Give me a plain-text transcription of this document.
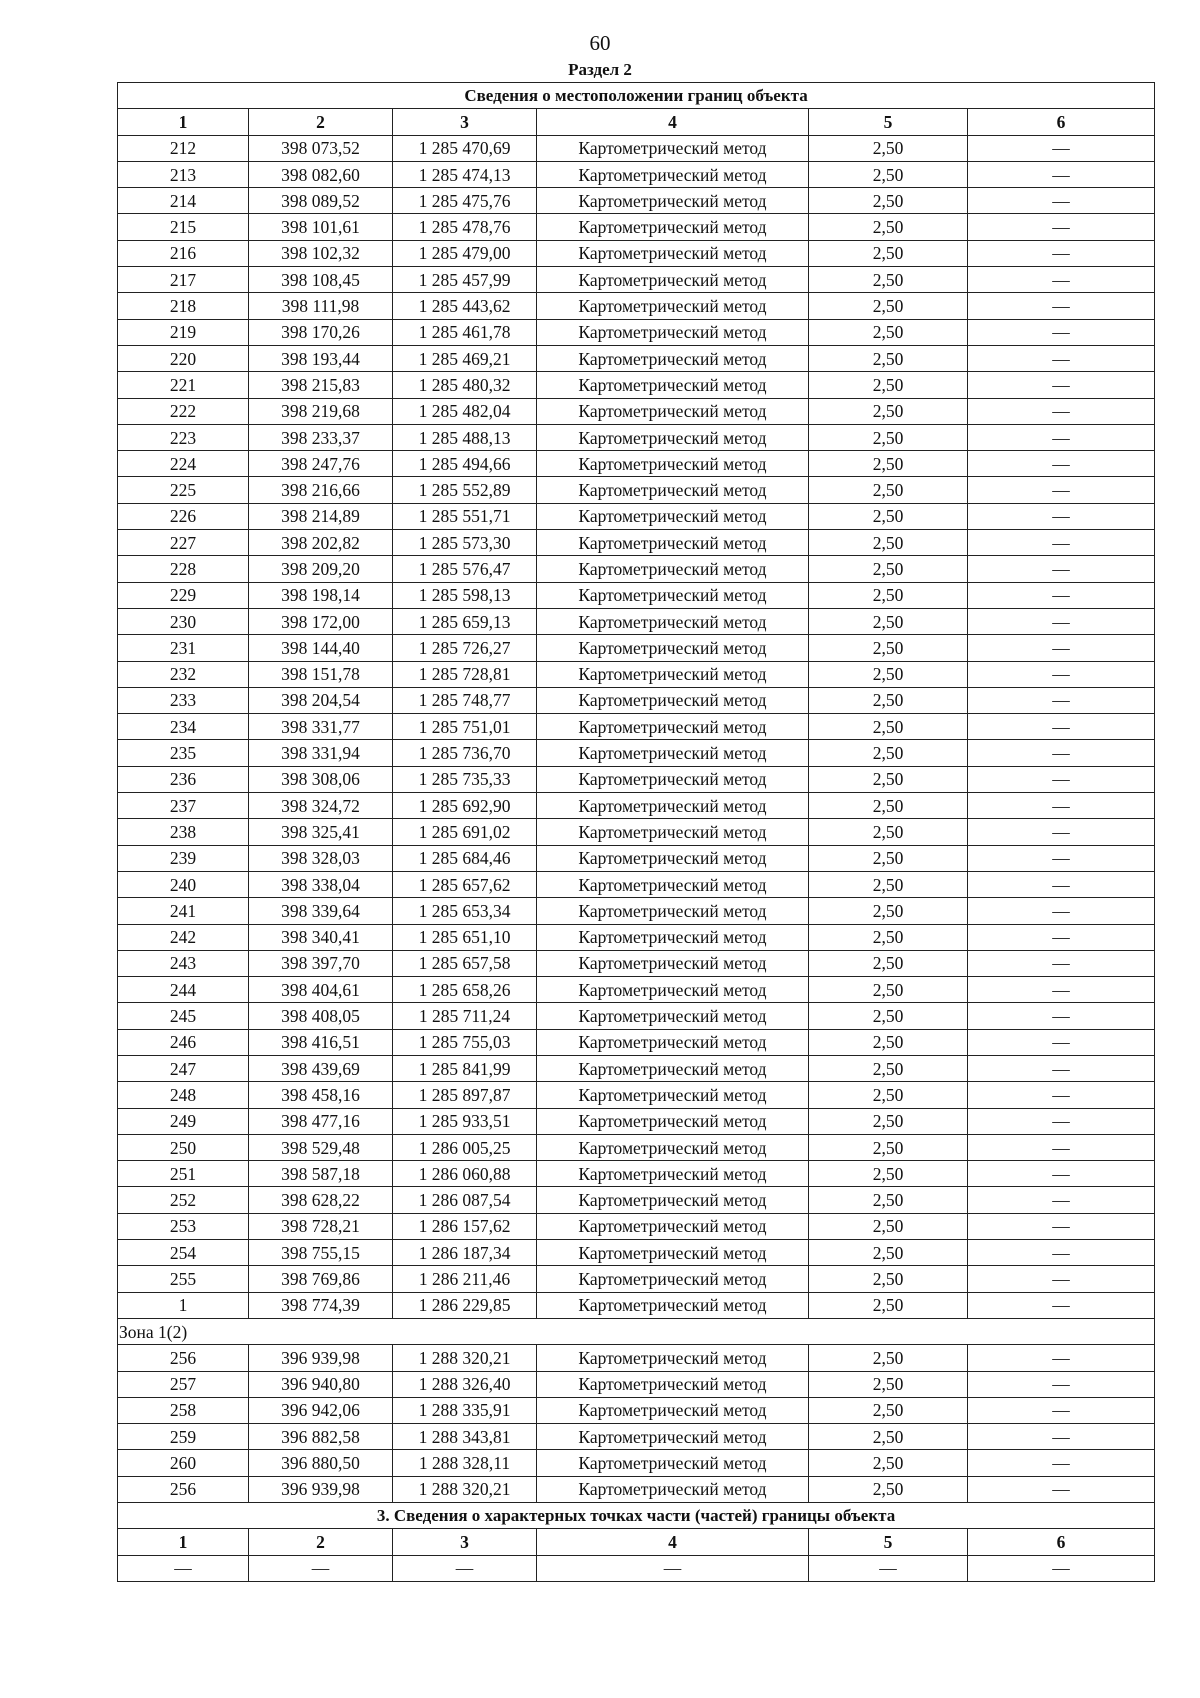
60
Раздел 2
Сведения о местоположении границ объекта					
1	2	3	4	5	6
212	398 073,52	1 285 470,69	Картометрический метод	2,50	—
213	398 082,60	1 285 474,13	Картометрический метод	2,50	—
214	398 089,52	1 285 475,76	Картометрический метод	2,50	—
215	398 101,61	1 285 478,76	Картометрический метод	2,50	—
216	398 102,32	1 285 479,00	Картометрический метод	2,50	—
217	398 108,45	1 285 457,99	Картометрический метод	2,50	—
218	398 111,98	1 285 443,62	Картометрический метод	2,50	—
219	398 170,26	1 285 461,78	Картометрический метод	2,50	—
220	398 193,44	1 285 469,21	Картометрический метод	2,50	—
221	398 215,83	1 285 480,32	Картометрический метод	2,50	—
222	398 219,68	1 285 482,04	Картометрический метод	2,50	—
223	398 233,37	1 285 488,13	Картометрический метод	2,50	—
224	398 247,76	1 285 494,66	Картометрический метод	2,50	—
225	398 216,66	1 285 552,89	Картометрический метод	2,50	—
226	398 214,89	1 285 551,71	Картометрический метод	2,50	—
227	398 202,82	1 285 573,30	Картометрический метод	2,50	—
228	398 209,20	1 285 576,47	Картометрический метод	2,50	—
229	398 198,14	1 285 598,13	Картометрический метод	2,50	—
230	398 172,00	1 285 659,13	Картометрический метод	2,50	—
231	398 144,40	1 285 726,27	Картометрический метод	2,50	—
232	398 151,78	1 285 728,81	Картометрический метод	2,50	—
233	398 204,54	1 285 748,77	Картометрический метод	2,50	—
234	398 331,77	1 285 751,01	Картометрический метод	2,50	—
235	398 331,94	1 285 736,70	Картометрический метод	2,50	—
236	398 308,06	1 285 735,33	Картометрический метод	2,50	—
237	398 324,72	1 285 692,90	Картометрический метод	2,50	—
238	398 325,41	1 285 691,02	Картометрический метод	2,50	—
239	398 328,03	1 285 684,46	Картометрический метод	2,50	—
240	398 338,04	1 285 657,62	Картометрический метод	2,50	—
241	398 339,64	1 285 653,34	Картометрический метод	2,50	—
242	398 340,41	1 285 651,10	Картометрический метод	2,50	—
243	398 397,70	1 285 657,58	Картометрический метод	2,50	—
244	398 404,61	1 285 658,26	Картометрический метод	2,50	—
245	398 408,05	1 285 711,24	Картометрический метод	2,50	—
246	398 416,51	1 285 755,03	Картометрический метод	2,50	—
247	398 439,69	1 285 841,99	Картометрический метод	2,50	—
248	398 458,16	1 285 897,87	Картометрический метод	2,50	—
249	398 477,16	1 285 933,51	Картометрический метод	2,50	—
250	398 529,48	1 286 005,25	Картометрический метод	2,50	—
251	398 587,18	1 286 060,88	Картометрический метод	2,50	—
252	398 628,22	1 286 087,54	Картометрический метод	2,50	—
253	398 728,21	1 286 157,62	Картометрический метод	2,50	—
254	398 755,15	1 286 187,34	Картометрический метод	2,50	—
255	398 769,86	1 286 211,46	Картометрический метод	2,50	—
1	398 774,39	1 286 229,85	Картометрический метод	2,50	—
Зона 1(2)					
256	396 939,98	1 288 320,21	Картометрический метод	2,50	—
257	396 940,80	1 288 326,40	Картометрический метод	2,50	—
258	396 942,06	1 288 335,91	Картометрический метод	2,50	—
259	396 882,58	1 288 343,81	Картометрический метод	2,50	—
260	396 880,50	1 288 328,11	Картометрический метод	2,50	—
256	396 939,98	1 288 320,21	Картометрический метод	2,50	—
3. Сведения о характерных точках части (частей) границы объекта					
1	2	3	4	5	6
—	—	—	—	—	—
